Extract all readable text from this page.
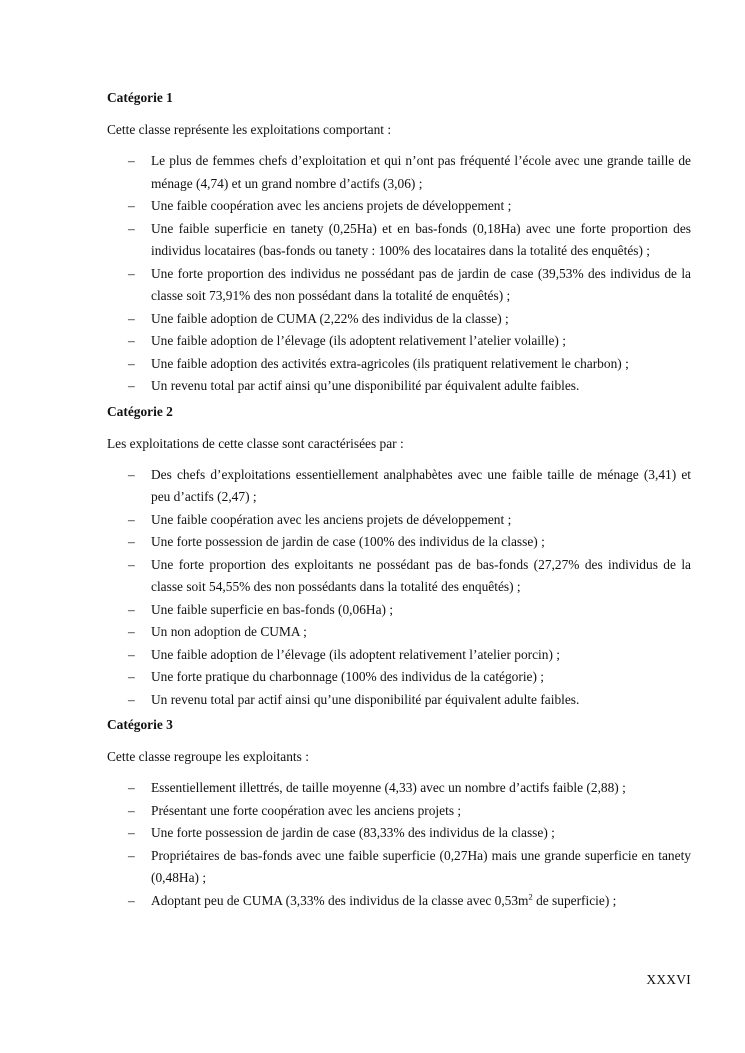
Catégorie 1

Cette classe représente les exploitations comportant :

– Le plus de femmes chefs d’exploitation et qui n’ont pas fréquenté l’école avec une grande taille de ménage (4,74) et un grand nombre d’actifs (3,06) ;
– Une faible coopération avec les anciens projets de développement ;
– Une faible superficie en tanety (0,25Ha) et en bas-fonds (0,18Ha) avec une forte proportion des individus locataires (bas-fonds ou tanety : 100% des locataires dans la totalité des enquêtés) ;
– Une forte proportion des individus ne possédant pas de jardin de case (39,53% des individus de la classe soit 73,91% des non possédant dans la totalité de enquêtés) ;
– Une faible adoption de CUMA (2,22% des individus de la classe) ;
– Une faible adoption de l’élevage (ils adoptent relativement l’atelier volaille) ;
– Une faible adoption des activités extra-agricoles (ils pratiquent relativement le charbon) ;
– Un revenu total par actif ainsi qu’une disponibilité par équivalent adulte faibles.

Catégorie 2

Les exploitations de cette classe sont caractérisées par :

– Des chefs d’exploitations essentiellement analphabètes avec une faible taille de ménage (3,41) et peu d’actifs (2,47) ;
– Une faible coopération avec les anciens projets de développement ;
– Une forte possession de jardin de case (100% des individus de la classe) ;
– Une forte proportion des exploitants ne possédant pas de bas-fonds (27,27% des individus de la classe soit 54,55% des non possédants dans la totalité des enquêtés) ;
– Une faible superficie en bas-fonds (0,06Ha) ;
– Un non adoption de CUMA ;
– Une faible adoption de l’élevage (ils adoptent relativement l’atelier porcin) ;
– Une forte pratique du charbonnage (100% des individus de la catégorie) ;
– Un revenu total par actif ainsi qu’une disponibilité par équivalent adulte faibles.

Catégorie 3

Cette classe regroupe les exploitants :

– Essentiellement illettrés, de taille moyenne (4,33) avec un nombre d’actifs faible (2,88) ;
– Présentant une forte coopération avec les anciens projets ;
– Une forte possession de jardin de case (83,33% des individus de la classe) ;
– Propriétaires de bas-fonds avec une faible superficie (0,27Ha) mais une grande superficie en tanety (0,48Ha) ;
– Adoptant peu de CUMA (3,33% des individus de la classe avec $0,53m^2$ de superficie) ;
XXXVI
